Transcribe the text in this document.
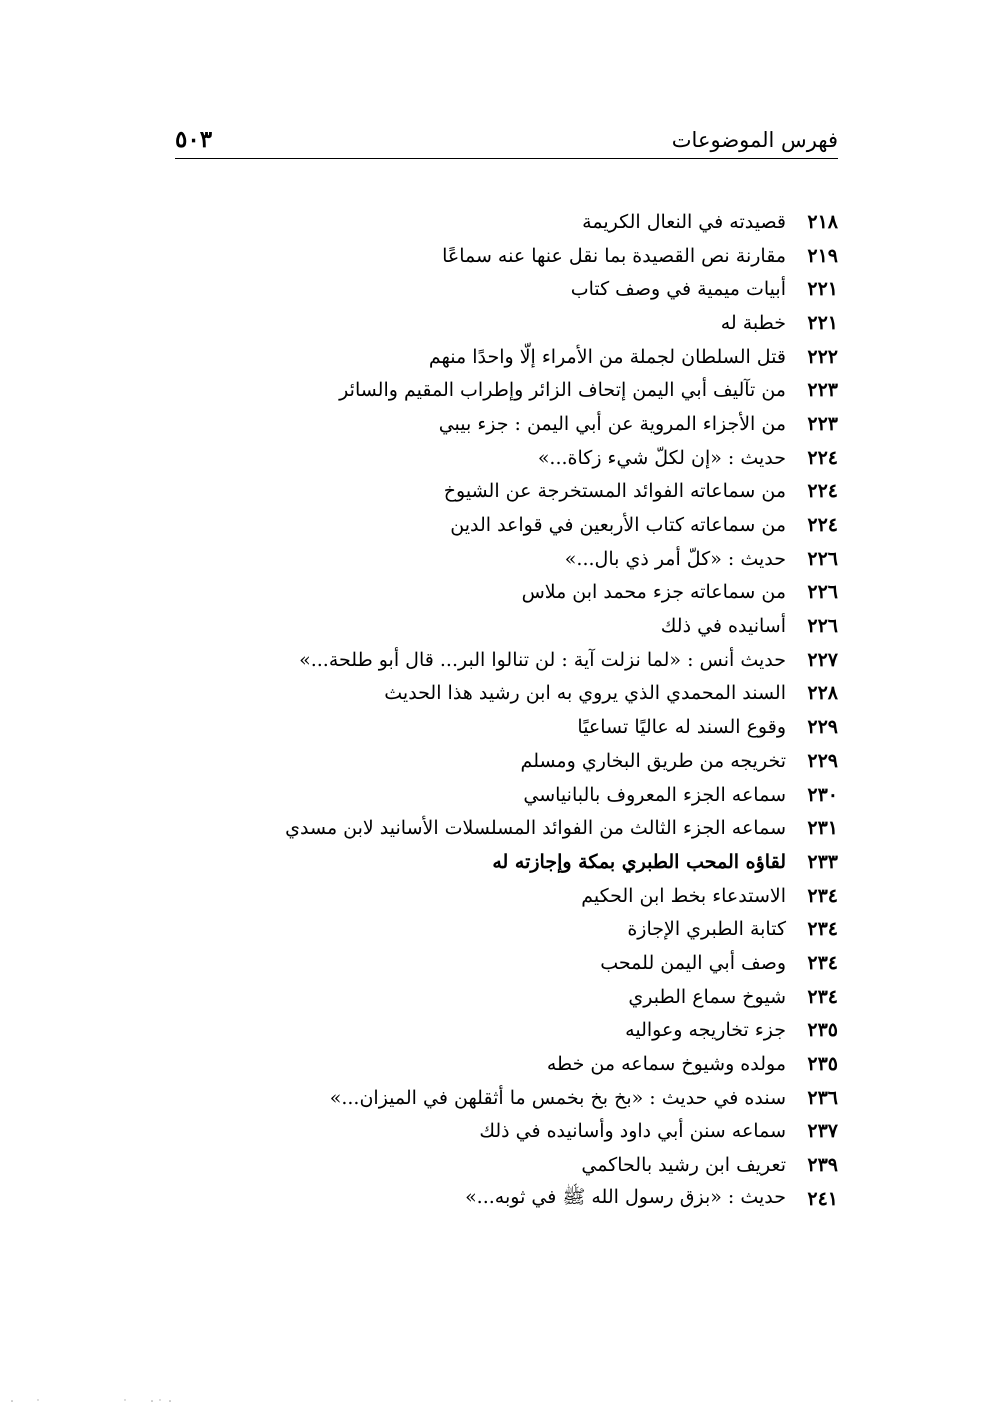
فهرس الموضوعات
٥٠٣
٢١٨
قصيدته في النعال الكريمة
٢١٩
مقارنة نص القصيدة بما نقل عنها عنه سماعًا
٢٢١
أبيات ميمية في وصف كتاب
٢٢١
خطبة له
٢٢٢
قتل السلطان لجملة من الأمراء إلّا واحدًا منهم
٢٢٣
من تآليف أبي اليمن إتحاف الزائر وإطراب المقيم والسائر
٢٢٣
من الأجزاء المروية عن أبي اليمن : جزء بيبي
٢٢٤
حديث : «إن لكلّ شيء زكاة...»
٢٢٤
من سماعاته الفوائد المستخرجة عن الشيوخ
٢٢٤
من سماعاته كتاب الأربعين في قواعد الدين
٢٢٦
حديث : «كلّ أمر ذي بال...»
٢٢٦
من سماعاته جزء محمد ابن ملاس
٢٢٦
أسانيده في ذلك
٢٢٧
حديث أنس : «لما نزلت آية : لن تنالوا البر... قال أبو طلحة...»
٢٢٨
السند المحمدي الذي يروي به ابن رشيد هذا الحديث
٢٢٩
وقوع السند له عاليًا تساعيًا
٢٢٩
تخريجه من طريق البخاري ومسلم
٢٣٠
سماعه الجزء المعروف بالبانياسي
٢٣١
سماعه الجزء الثالث من الفوائد المسلسلات الأسانيد لابن مسدي
٢٣٣
لقاؤه المحب الطبري بمكة وإجازته له
٢٣٤
الاستدعاء بخط ابن الحكيم
٢٣٤
كتابة الطبري الإجازة
٢٣٤
وصف أبي اليمن للمحب
٢٣٤
شيوخ سماع الطبري
٢٣٥
جزء تخاريجه وعواليه
٢٣٥
مولده وشيوخ سماعه من خطه
٢٣٦
سنده في حديث : «بخ بخ بخمس ما أثقلهن في الميزان...»
٢٣٧
سماعه سنن أبي داود وأسانيده في ذلك
٢٣٩
تعريف ابن رشيد بالحاكمي
٢٤١
حديث : «بزق رسول الله ﷺ في ثوبه...»
